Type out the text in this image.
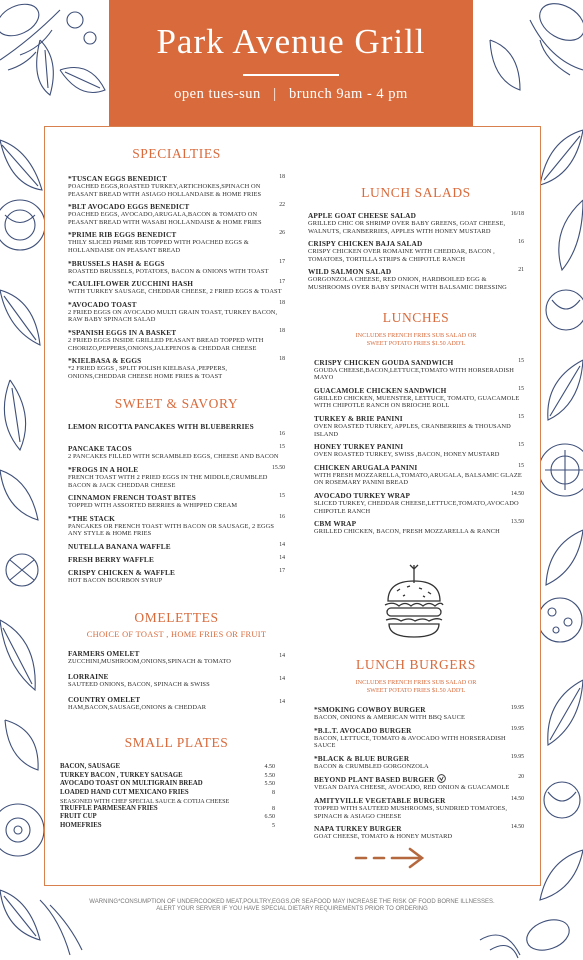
Park Avenue Grill
open tues-sun | brunch 9am - 4 pm
SPECIALTIES
*TUSCAN EGGS BENEDICT
POACHED EGGS,ROASTED TURKEY,ARTICHOKES,SPINACH ON PEASANT BREAD WITH ASIAGO HOLLANDAISE & HOME FRIES
18
*BLT AVOCADO EGGS BENEDICT
POACHED EGGS, AVOCADO,ARUGALA,BACON & TOMATO ON PEASANT BREAD WITH WASABI HOLLANDAISE & HOME FRIES
22
*PRIME RIB EGGS BENEDICT
THILY SLICED PRIME RIB TOPPED WITH POACHED EGGS & HOLLANDAISE ON PEASANT BREAD
26
*BRUSSELS HASH & EGGS
ROASTED BRUSSELS, POTATOES, BACON & ONIONS WITH TOAST
17
*CAULIFLOWER ZUCCHINI HASH
WITH TURKEY SAUSAGE, CHEDDAR CHEESE, 2 FRIED EGGS & TOAST
17
*AVOCADO TOAST
2 FRIED EGGS ON AVOCADO MULTI GRAIN TOAST, TURKEY BACON, RAW BABY SPINACH SALAD
18
*SPANISH EGGS IN A BASKET
2 FRIED EGGS INSIDE GRILLED PEASANT BREAD TOPPED WITH CHORIZO,PEPPERS,ONIONS,JALEPENOS & CHEDDAR CHEESE
18
*KIELBASA & EGGS
*2 FRIED EGGS , SPLIT POLISH KIELBASA ,PEPPERS, ONIONS,CHEDDAR CHEESE HOME FRIES & TOAST
18
SWEET & SAVORY
LEMON RICOTTA PANCAKES WITH BLUEBERRIES
16
PANCAKE TACOS
2 PANCAKES FILLED WITH SCRAMBLED EGGS, CHEESE AND BACON
15
*FROGS IN A HOLE
FRENCH TOAST WITH 2 FRIED EGGS IN THE MIDDLE,CRUMBLED BACON & JACK CHEDDAR CHEESE
15.50
CINNAMON FRENCH TOAST BITES
TOPPED WITH ASSORTED BERRIES & WHIPPED CREAM
15
*THE STACK
PANCAKES OR FRENCH TOAST WITH BACON OR SAUSAGE, 2 EGGS ANY STYLE & HOME FRIES
16
NUTELLA BANANA WAFFLE	14
FRESH BERRY WAFFLE	14
CRISPY CHICKEN & WAFFLE
HOT BACON BOURBON SYRUP
17
OMELETTES
CHOICE OF TOAST , HOME FRIES OR FRUIT
FARMERS OMELET
ZUCCHINI,MUSHROOM,ONIONS,SPINACH & TOMATO
14
LORRAINE
SAUTEED ONIONS, BACON, SPINACH & SWISS
14
COUNTRY OMELET
HAM,BACON,SAUSAGE,ONIONS & CHEDDAR
14
SMALL PLATES
BACON, SAUSAGE	4.50
TURKEY BACON , TURKEY SAUSAGE	5.50
AVOCADO TOAST ON MULTIGRAIN BREAD	5.50
LOADED HAND CUT MEXICANO FRIES	8
SEASONED WITH CHEF SPECIAL SAUCE & COTIJA CHEESE
TRUFFLE PARMESEAN FRIES	8
FRUIT CUP	6.50
HOMEFRIES	5
LUNCH SALADS
APPLE GOAT CHEESE SALAD
GRILLED CHIC OR SHRIMP OVER BABY GREENS, GOAT CHEESE, WALNUTS, CRANBERRIES, APPLES WITH HONEY MUSTARD
16/18
CRISPY CHICKEN BAJA SALAD
CRISPY CHICKEN OVER ROMAINE WITH CHEDDAR, BACON , TOMATOES, TORTILLA STRIPS & CHIPOTLE RANCH
16
WILD SALMON SALAD
GORGONZOLA CHEESE, RED ONION, HARDBOILED EGG & MUSHROOMS OVER BABY SPINACH WITH BALSAMIC DRESSING
21
LUNCHES
INCLUDES FRENCH FRIES SUB SALAD OR SWEET POTATO FRIES $1.50 ADD'L
CRISPY CHICKEN GOUDA SANDWICH
GOUDA CHEESE,BACON,LETTUCE,TOMATO WITH HORSERADISH MAYO
15
GUACAMOLE CHICKEN SANDWICH
GRILLED CHICKEN, MUENSTER, LETTUCE, TOMATO, GUACAMOLE WITH CHIPOTLE RANCH ON BRIOCHE ROLL
15
TURKEY & BRIE PANINI
OVEN ROASTED TURKEY, APPLES, CRANBERRIES & THOUSAND ISLAND
15
HONEY TURKEY PANINI
OVEN ROASTED TURKEY, SWISS ,BACON, HONEY MUSTARD
15
CHICKEN ARUGALA PANINI
WITH FRESH MOZZARELLA,TOMATO,ARUGALA, BALSAMIC GLAZE ON ROSEMARY PANINI BREAD
15
AVOCADO TURKEY WRAP
SLICED TURKEY, CHEDDAR CHEESE,LETTUCE,TOMATO,AVOCADO CHIPOTLE RANCH
14.50
CBM WRAP
GRILLED CHICKEN, BACON, FRESH MOZZARELLA & RANCH
13.50
LUNCH BURGERS
INCLUDES FRENCH FRIES SUB SALAD OR SWEET POTATO FRIES $1.50 ADD'L
*SMOKING COWBOY BURGER
BACON, ONIONS & AMERICAN WITH BBQ SAUCE
19.95
*B.L.T. AVOCADO BURGER
BACON, LETTUCE, TOMATO & AVOCADO WITH HORSERADISH SAUCE
19.95
*BLACK & BLUE BURGER
BACON & CRUMBLED GORGONZOLA
19.95
BEYOND PLANT BASED BURGER
VEGAN DAIYA CHEESE, AVOCADO, RED ONION & GUACAMOLE
20
AMITYVILLE VEGETABLE BURGER
TOPPED WITH SAUTEED MUSHROOMS, SUNDRIED TOMATOES, SPINACH & ASIAGO CHEESE
14.50
NAPA TURKEY BURGER
GOAT CHEESE, TOMATO & HONEY MUSTARD
14.50
WARNING*CONSUMPTION OF UNDERCOOKED MEAT,POULTRY,EGGS,OR SEAFOOD MAY INCREASE THE RISK OF FOOD BORNE ILLNESSES.
ALERT YOUR SERVER IF YOU HAVE SPECIAL DIETARY REQUIREMENTS PRIOR TO ORDERING
